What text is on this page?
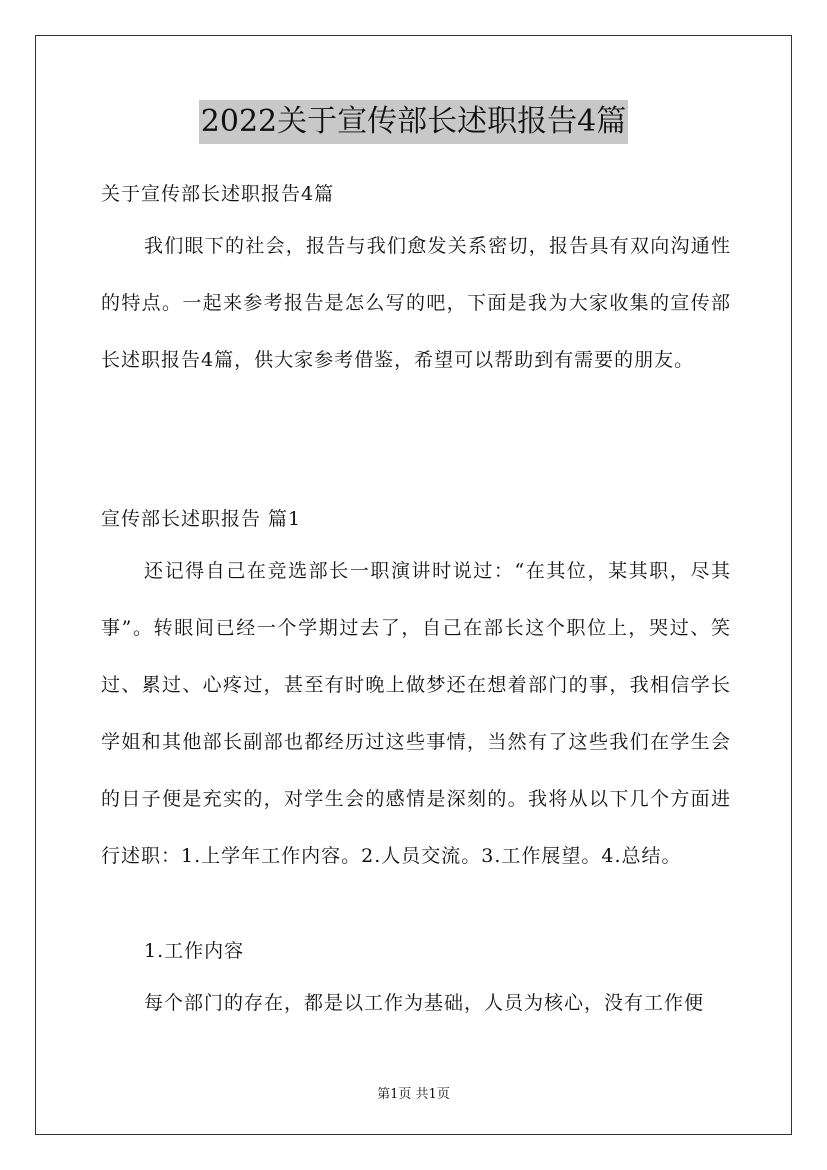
2022关于宣传部长述职报告4篇
关于宣传部长述职报告4篇

我们眼下的社会，报告与我们愈发关系密切，报告具有双向沟通性的特点。一起来参考报告是怎么写的吧，下面是我为大家收集的宣传部长述职报告4篇，供大家参考借鉴，希望可以帮助到有需要的朋友。

宣传部长述职报告 篇1

还记得自己在竞选部长一职演讲时说过：“在其位，某其职，尽其事”。转眼间已经一个学期过去了，自己在部长这个职位上，哭过、笑过、累过、心疼过，甚至有时晚上做梦还在想着部门的事，我相信学长学姐和其他部长副部也都经历过这些事情，当然有了这些我们在学生会的日子便是充实的，对学生会的感情是深刻的。我将从以下几个方面进行述职：1.上学年工作内容。2.人员交流。3.工作展望。4.总结。

1.工作内容

每个部门的存在，都是以工作为基础，人员为核心，没有工作便

第1页 共1页
